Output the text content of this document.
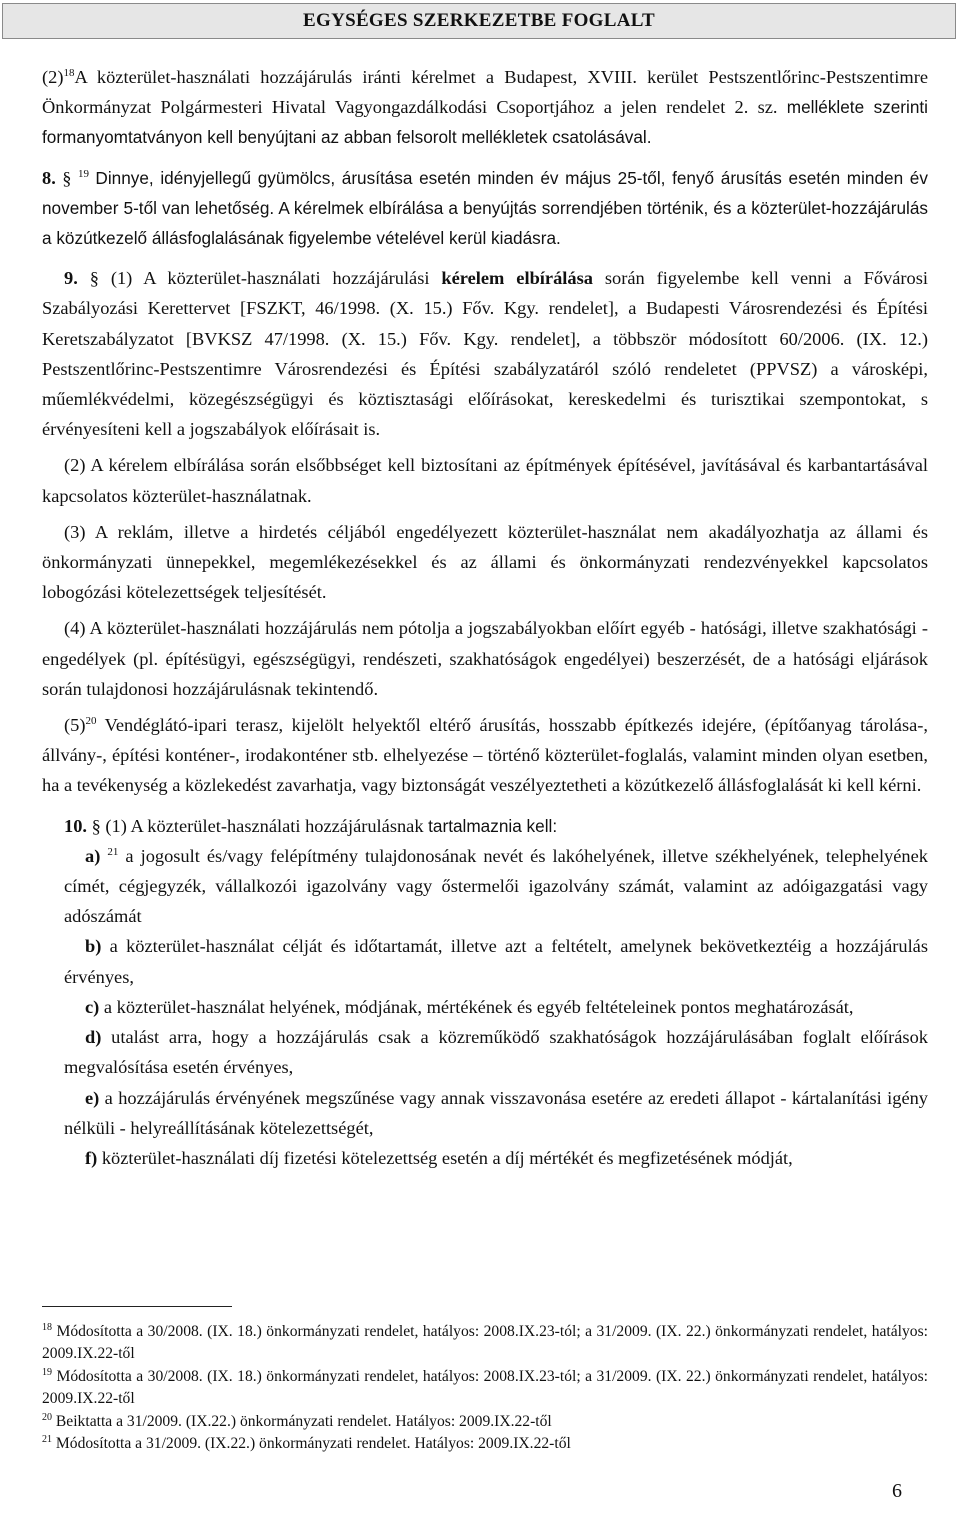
EGYSÉGES SZERKEZETBE FOGLALT

$(2)^{18}A$ közterület-használati hozzájárulás iránti kérelmet a Budapest, XVIII. kerület Pestszentlőrinc-Pestszentimre Önkormányzat Polgármesteri Hivatal Vagyongazdálkodási Csoportjához a jelen rendelet 2. sz. melléklete szerinti formanyomtatványon kell benyújtani az abban felsorolt mellékletek csatolásával.

8. § $^{19}$ Dinnye, idényjellegű gyümölcs, árusítása esetén minden év május 25-től, fenyő árusítás esetén minden év november 5-től van lehetőség. A kérelmek elbírálása a benyújtás sorrendjében történik, és a közterület-hozzájárulás a közútkezelő állásfoglalásának figyelembe vételével kerül kiadásra.

9. § (1) A közterület-használati hozzájárulási kérelem elbírálása során figyelembe kell venni a Fővárosi Szabályozási Kerettervet [FSZKT, 46/1998. (X. 15.) Főv. Kgy. rendelet], a Budapesti Városrendezési és Építési Keretszabályzatot [BVKSZ 47/1998. (X. 15.) Főv. Kgy. rendelet], a többször módosított 60/2006. (IX. 12.) Pestszentlőrinc-Pestszentimre Városrendezési és Építési szabályzatáról szóló rendeletet (PPVSZ) a városképi, műemlékvédelmi, közegészségügyi és köztisztasági előírásokat, kereskedelmi és turisztikai szempontokat, s érvényesíteni kell a jogszabályok előírásait is.

(2) A kérelem elbírálása során elsőbbséget kell biztosítani az építmények építésével, javításával és karbantartásával kapcsolatos közterület-használatnak.

(3) A reklám, illetve a hirdetés céljából engedélyezett közterület-használat nem akadályozhatja az állami és önkormányzati ünnepekkel, megemlékezésekkel és az állami és önkormányzati rendezvényekkel kapcsolatos lobogózási kötelezettségek teljesítését.

(4) A közterület-használati hozzájárulás nem pótolja a jogszabályokban előírt egyéb - hatósági, illetve szakhatósági - engedélyek (pl. építésügyi, egészségügyi, rendészeti, szakhatóságok engedélyei) beszerzését, de a hatósági eljárások során tulajdonosi hozzájárulásnak tekintendő.

$(5)^{20}$ Vendéglátó-ipari terasz, kijelölt helyektől eltérő árusítás, hosszabb építkezés idejére, (építőanyag tárolása-, állvány-, építési konténer-, irodakonténer stb. elhelyezése – történő közterület-foglalás, valamint minden olyan esetben, ha a tevékenység a közlekedést zavarhatja, vagy biztonságát veszélyeztetheti a közútkezelő állásfoglalását ki kell kérni.

10. § (1) A közterület-használati hozzájárulásnak tartalmaznia kell:

a) $^{21}$ a jogosult és/vagy felépítmény tulajdonosának nevét és lakóhelyének, illetve székhelyének, telephelyének címét, cégjegyzék, vállalkozói igazolvány vagy őstermelői igazolvány számát, valamint az adóigazgatási vagy adószámát

b) a közterület-használat célját és időtartamát, illetve azt a feltételt, amelynek bekövetkeztéig a hozzájárulás érvényes,

c) a közterület-használat helyének, módjának, mértékének és egyéb feltételeinek pontos meghatározását,

d) utalást arra, hogy a hozzájárulás csak a közreműködő szakhatóságok hozzájárulásában foglalt előírások megvalósítása esetén érvényes,

e) a hozzájárulás érvényének megszűnése vagy annak visszavonása esetére az eredeti állapot - kártalanítási igény nélküli - helyreállításának kötelezettségét,

f) közterület-használati díj fizetési kötelezettség esetén a díj mértékét és megfizetésének módját,

$^{18}$ Módosította a 30/2008. (IX. 18.) önkormányzati rendelet, hatályos: 2008.IX.23-tól; a 31/2009. (IX. 22.) önkormányzati rendelet, hatályos: 2009.IX.22-től

$^{19}$ Módosította a 30/2008. (IX. 18.) önkormányzati rendelet, hatályos: 2008.IX.23-tól; a 31/2009. (IX. 22.) önkormányzati rendelet, hatályos: 2009.IX.22-től

$^{20}$ Beiktatta a 31/2009. (IX.22.) önkormányzati rendelet. Hatályos: 2009.IX.22-től

$^{21}$ Módosította a 31/2009. (IX.22.) önkormányzati rendelet. Hatályos: 2009.IX.22-től

6
